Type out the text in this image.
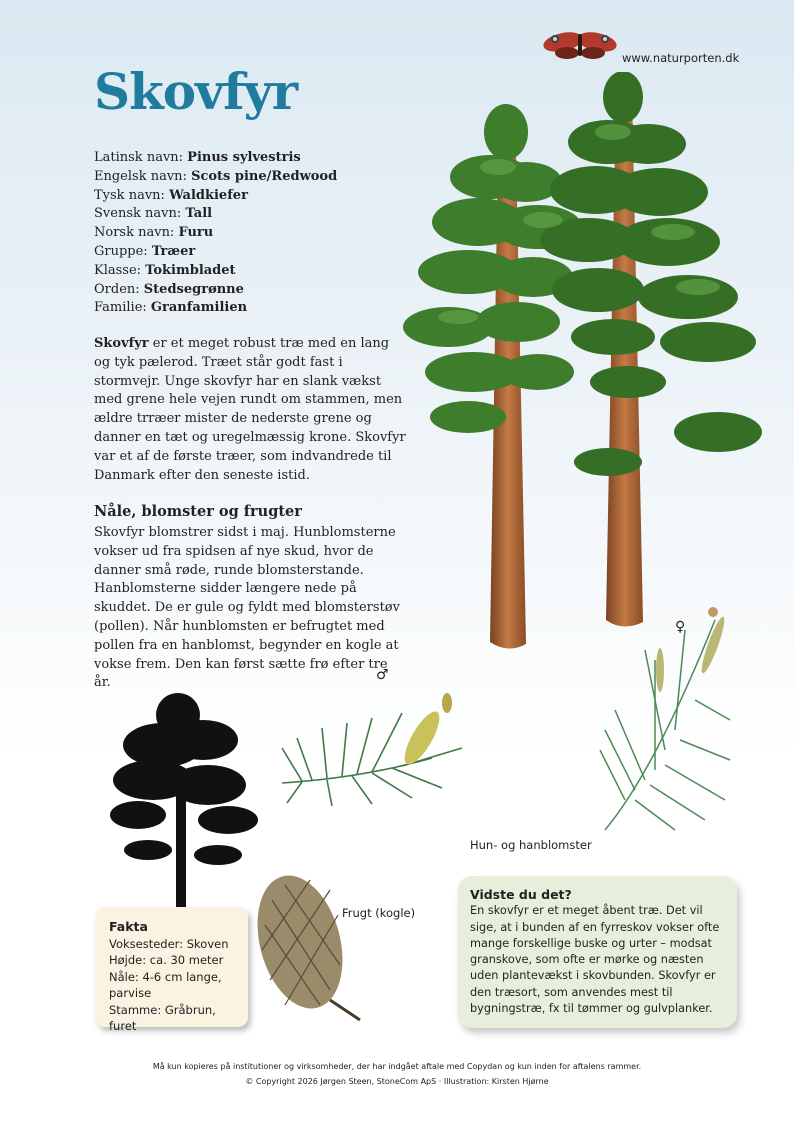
Skovfyr
www.naturporten.dk
Latinsk navn: Pinus sylvestris
Engelsk navn: Scots pine/Redwood
Tysk navn: Waldkiefer
Svensk navn: Tall
Norsk navn: Furu
Gruppe: Træer
Klasse: Tokimbladet
Orden: Stedsegrønne
Familie: Granfamilien
Skovfyr er et meget robust træ med en lang og tyk pælerod. Træet står godt fast i stormvejr. Unge skovfyr har en slank vækst med grene hele vejen rundt om stammen, men ældre trræer mister de nederste grene og danner en tæt og uregelmæssig krone. Skovfyr var et af de første træer, som indvandrede til Danmark efter den seneste istid.
Nåle, blomster og frugter
Skovfyr blomstrer sidst i maj. Hunblomsterne vokser ud fra spidsen af nye skud, hvor de danner små røde, runde blomsterstande. Hanblomsterne sidder længere nede på skuddet. De er gule og fyldt med blomsterstøv (pollen). Når hunblomsten er befrugtet med pollen fra en hanblomst, begynder en kogle at vokse frem. Den kan først sætte frø efter tre år.	♂
♀
Hun- og hanblomster
Frugt (kogle)
Fakta
Voksesteder: Skoven
Højde: ca. 30 meter
Nåle: 4-6 cm lange, parvise
Stamme: Gråbrun, furet
Vidste du det?
En skovfyr er et meget åbent træ. Det vil sige, at i bunden af en fyrreskov vokser ofte mange forskellige buske og urter – modsat granskove, som ofte er mørke og næsten uden plantevækst i skovbunden. Skovfyr er den træsort, som anvendes mest til bygningstræ, fx til tømmer og gulvplanker.
Må kun kopieres på institutioner og virksomheder, der har indgået aftale med Copydan og kun inden for aftalens rammer.
© Copyright 2026 Jørgen Steen, StoneCom ApS · Illustration: Kirsten Hjørne
